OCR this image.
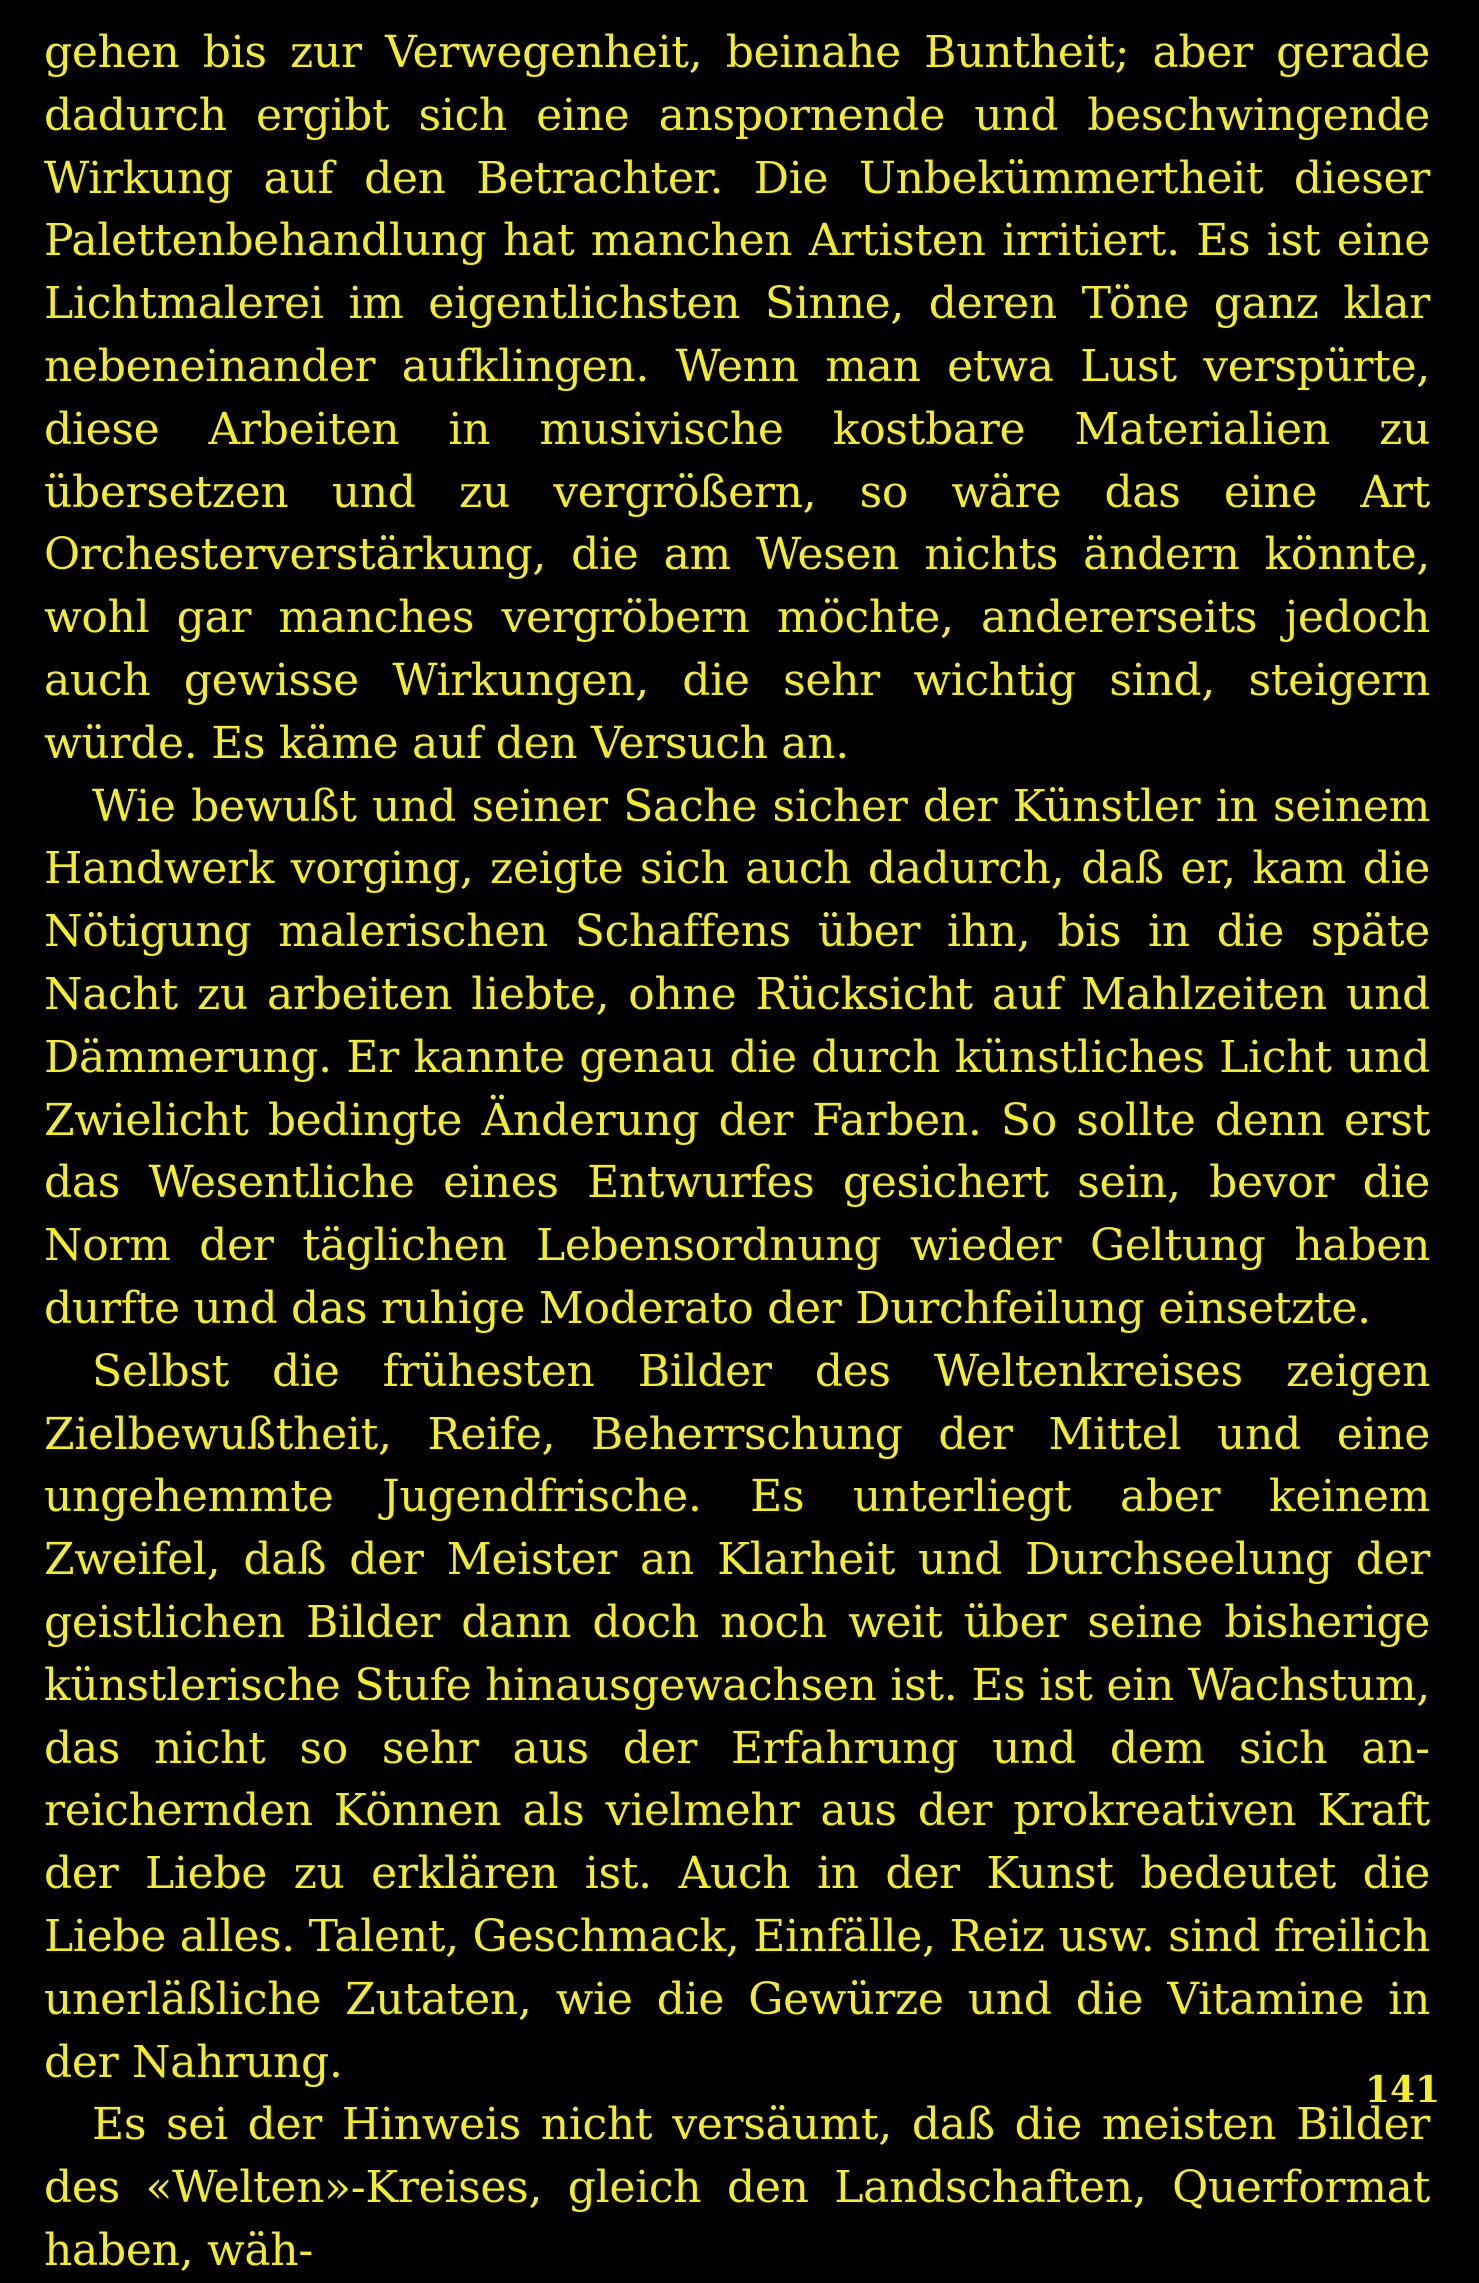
gehen bis zur Verwegenheit, beinahe Buntheit; aber gerade dadurch ergibt sich eine anspornende und beschwingende Wirkung auf den Betrachter. Die Unbekümmertheit dieser Palettenbehandlung hat manchen Artisten irritiert. Es ist eine Lichtmalerei im eigentlichsten Sinne, deren Töne ganz klar nebeneinander aufklingen. Wenn man etwa Lust verspürte, diese Arbeiten in musivische kostbare Materialien zu übersetzen und zu vergrößern, so wäre das eine Art Orchesterverstärkung, die am Wesen nichts ändern könnte, wohl gar manches vergröbern möchte, andererseits jedoch auch gewisse Wirkungen, die sehr wichtig sind, steigern würde. Es käme auf den Versuch an.

Wie bewußt und seiner Sache sicher der Künstler in seinem Handwerk vorging, zeigte sich auch dadurch, daß er, kam die Nötigung malerischen Schaffens über ihn, bis in die späte Nacht zu arbeiten liebte, ohne Rücksicht auf Mahlzeiten und Dämmerung. Er kannte genau die durch künstliches Licht und Zwielicht bedingte Änderung der Farben. So sollte denn erst das Wesentliche eines Entwurfes gesichert sein, bevor die Norm der täglichen Lebensordnung wieder Geltung haben durfte und das ruhige Moderato der Durchfeilung einsetzte.

Selbst die frühesten Bilder des Weltenkreises zeigen Zielbewußtheit, Reife, Beherrschung der Mittel und eine ungehemmte Jugendfrische. Es unterliegt aber keinem Zweifel, daß der Meister an Klarheit und Durchseelung der geistlichen Bilder dann doch noch weit über seine bisherige künstlerische Stufe hinausgewachsen ist. Es ist ein Wachstum, das nicht so sehr aus der Erfahrung und dem sich anreichernden Können als vielmehr aus der prokreativen Kraft der Liebe zu erklären ist. Auch in der Kunst bedeutet die Liebe alles. Talent, Geschmack, Einfälle, Reiz usw. sind freilich unerläßliche Zutaten, wie die Gewürze und die Vitamine in der Nahrung.

Es sei der Hinweis nicht versäumt, daß die meisten Bilder des «Welten»-Kreises, gleich den Landschaften, Querformat haben, wäh-

141
